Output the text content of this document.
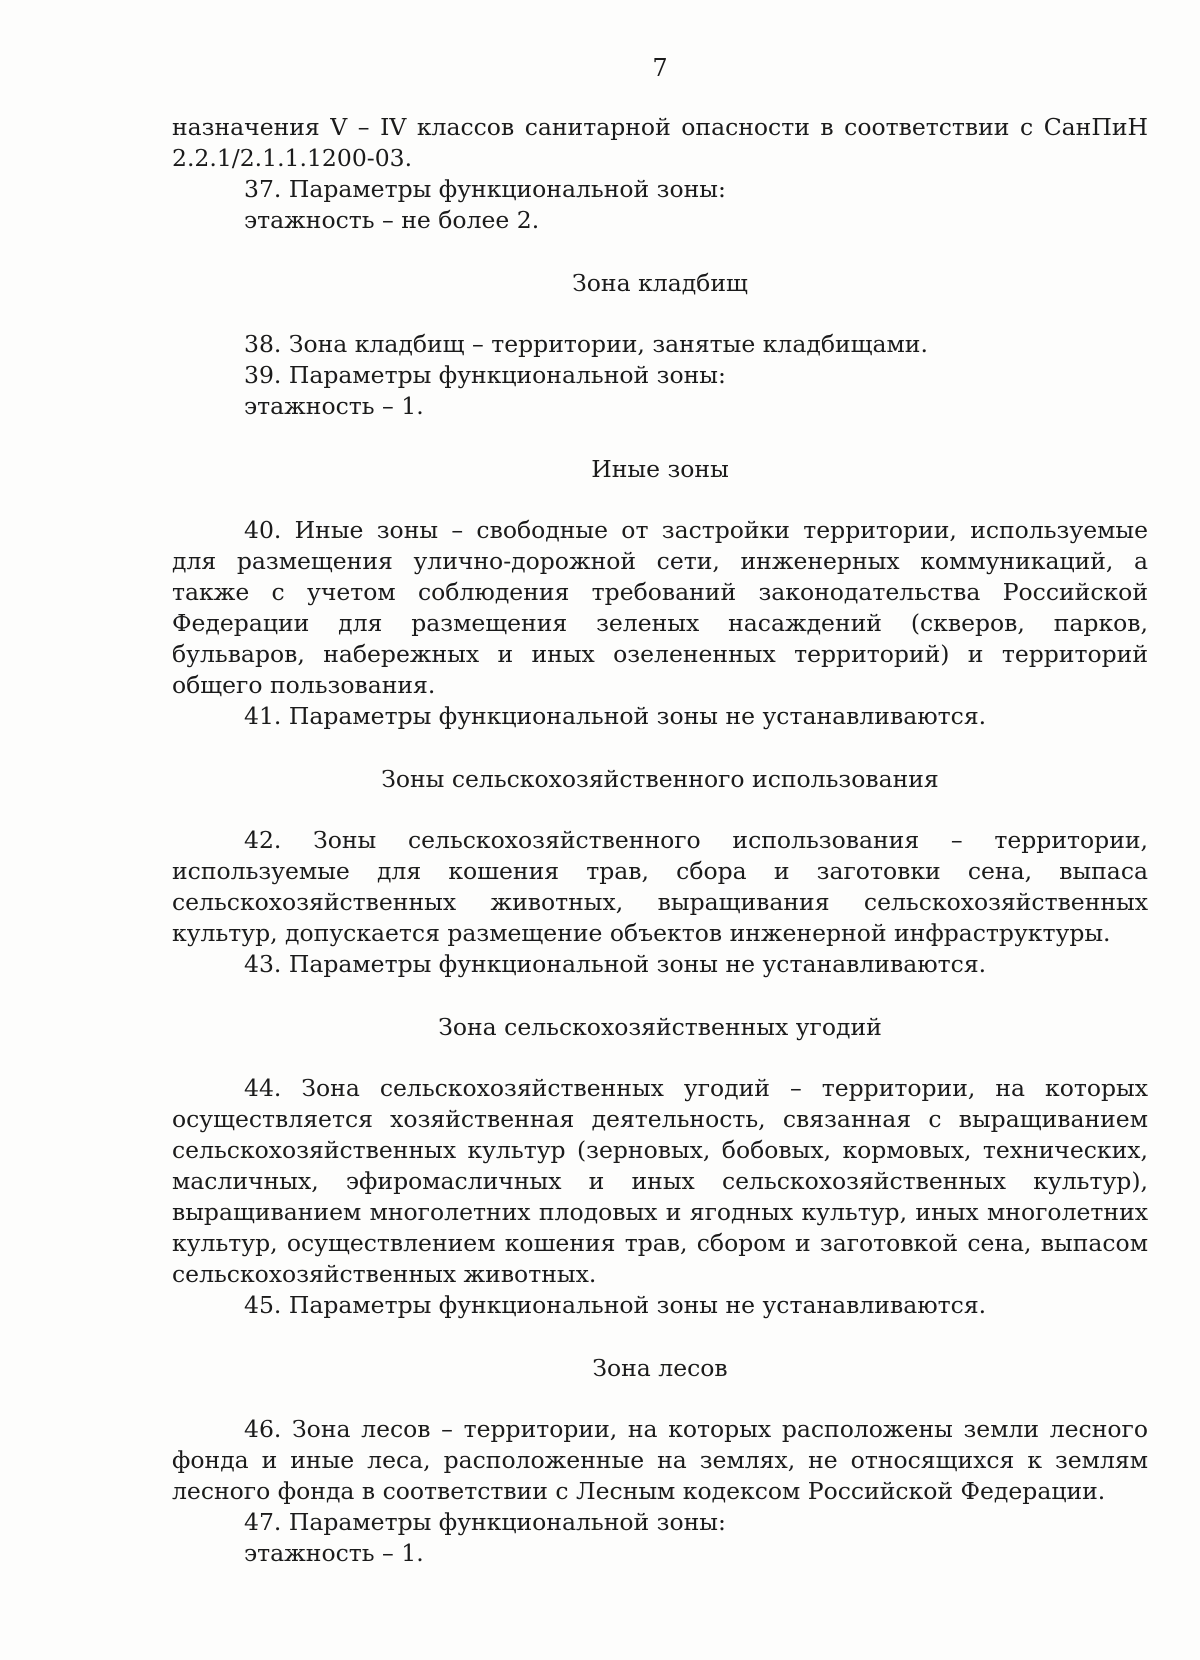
7

назначения V – IV классов санитарной опасности в соответствии с СанПиН 2.2.1/2.1.1.1200-03.

37. Параметры функциональной зоны:

этажность – не более 2.

Зона кладбищ

38. Зона кладбищ – территории, занятые кладбищами.

39. Параметры функциональной зоны:

этажность – 1.

Иные зоны

40. Иные зоны – свободные от застройки территории, используемые для размещения улично-дорожной сети, инженерных коммуникаций, а также с учетом соблюдения требований законодательства Российской Федерации для размещения зеленых насаждений (скверов, парков, бульваров, набережных и иных озелененных территорий) и территорий общего пользования.

41. Параметры функциональной зоны не устанавливаются.

Зоны сельскохозяйственного использования

42. Зоны сельскохозяйственного использования – территории, используемые для кошения трав, сбора и заготовки сена, выпаса сельскохозяйственных животных, выращивания сельскохозяйственных культур, допускается размещение объектов инженерной инфраструктуры.

43. Параметры функциональной зоны не устанавливаются.

Зона сельскохозяйственных угодий

44. Зона сельскохозяйственных угодий – территории, на которых осуществляется хозяйственная деятельность, связанная с выращиванием сельскохозяйственных культур (зерновых, бобовых, кормовых, технических, масличных, эфиромасличных и иных сельскохозяйственных культур), выращиванием многолетних плодовых и ягодных культур, иных многолетних культур, осуществлением кошения трав, сбором и заготовкой сена, выпасом сельскохозяйственных животных.

45. Параметры функциональной зоны не устанавливаются.

Зона лесов

46. Зона лесов – территории, на которых расположены земли лесного фонда и иные леса, расположенные на землях, не относящихся к землям лесного фонда в соответствии с Лесным кодексом Российской Федерации.

47. Параметры функциональной зоны:

этажность – 1.
